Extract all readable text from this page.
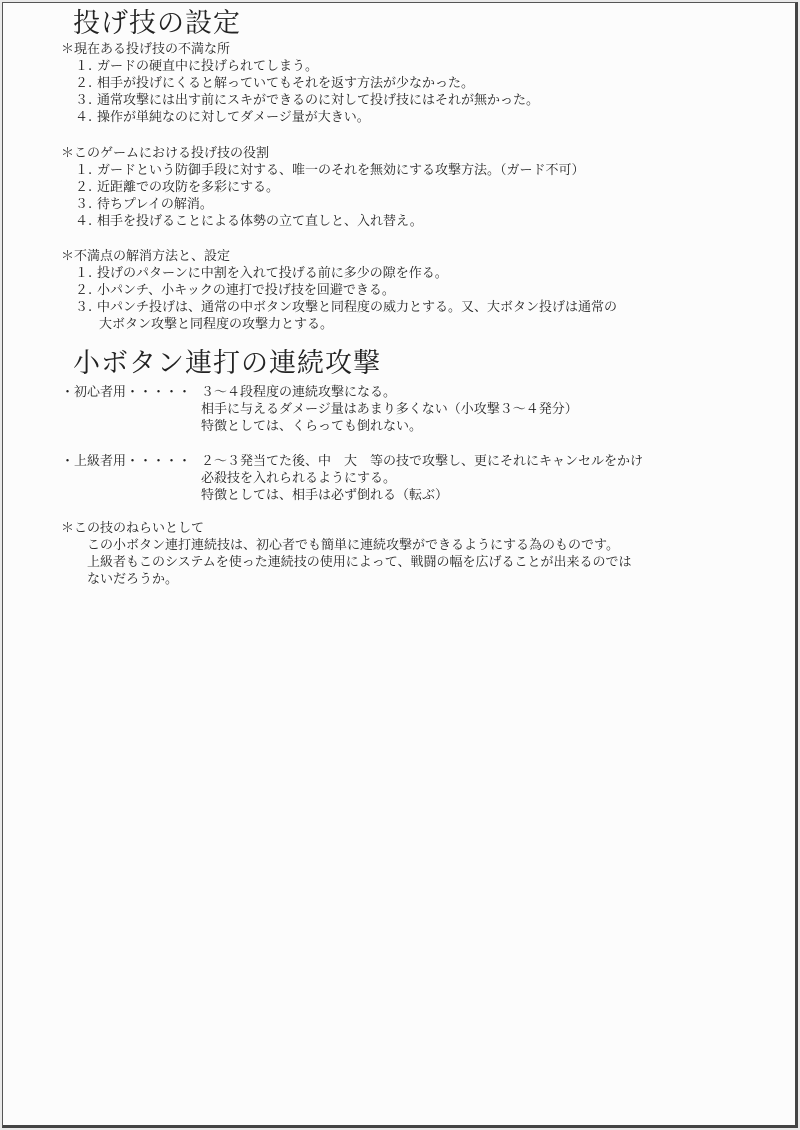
投げ技の設定
＊現在ある投げ技の不満な所
１. ガードの硬直中に投げられてしまう。
２. 相手が投げにくると解っていてもそれを返す方法が少なかった。
３. 通常攻撃には出す前にスキができるのに対して投げ技にはそれが無かった。
４. 操作が単純なのに対してダメージ量が大きい。
＊このゲームにおける投げ技の役割
１. ガードという防御手段に対する、唯一のそれを無効にする攻撃方法。（ガード不可）
２. 近距離での攻防を多彩にする。
３. 待ちプレイの解消。
４. 相手を投げることによる体勢の立て直しと、入れ替え。
＊不満点の解消方法と、設定
１. 投げのパターンに中割を入れて投げる前に多少の隙を作る。
２. 小パンチ、小キックの連打で投げ技を回避できる。
３. 中パンチ投げは、通常の中ボタン攻撃と同程度の威力とする。又、大ボタン投げは通常の
大ボタン攻撃と同程度の攻撃力とする。
小ボタン連打の連続攻撃
・初心者用・・・・・ ３～４段程度の連続攻撃になる。
相手に与えるダメージ量はあまり多くない（小攻撃３～４発分）
特徴としては、くらっても倒れない。
・上級者用・・・・・ ２～３発当てた後、中　大　等の技で攻撃し、更にそれにキャンセルをかけ
必殺技を入れられるようにする。
特徴としては、相手は必ず倒れる（転ぶ）
＊この技のねらいとして
この小ボタン連打連続技は、初心者でも簡単に連続攻撃ができるようにする為のものです。
上級者もこのシステムを使った連続技の使用によって、戦闘の幅を広げることが出来るのでは
ないだろうか。
